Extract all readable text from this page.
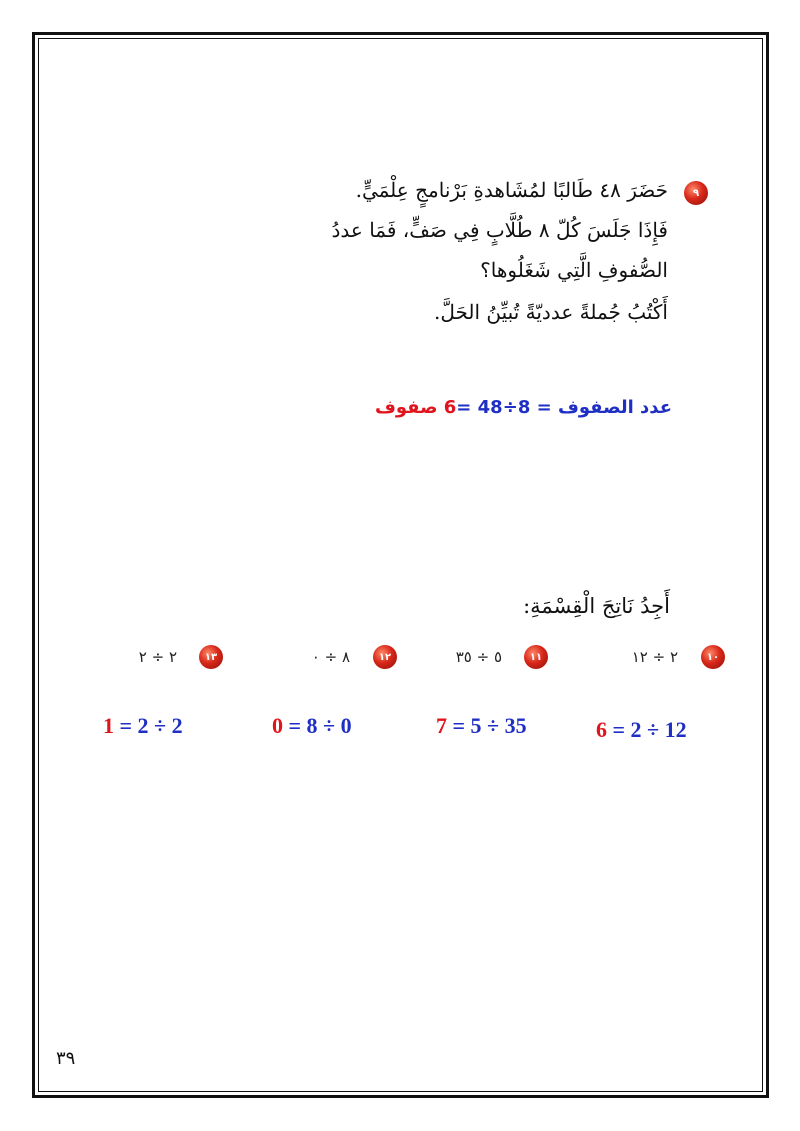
٩
حَضَرَ ٤٨ طَالبًا لمُشَاهدةِ بَرْنامجٍ عِلْمَيٍّ.
فَإِذَا جَلَسَ كُلّ ٨ طُلَّابٍ فِي صَفٍّ، فَمَا عددُ
الصُّفوفِ الَّتِي شَغَلُوها؟
أَكْتُبُ جُملةً عدديّةً تُبيِّنُ الحَلَّ.
عدد الصفوف = 8÷48 =6 صفوف
أَجِدُ نَاتِجَ الْقِسْمَةِ:
١٠
٢ ÷ ١٢
١١
٥ ÷ ٣٥
١٢
٨ ÷ ٠
١٣
٢ ÷ ٢
6 = 2 ÷ 12
7 = 5 ÷ 35
0 = 8 ÷ 0
1 = 2 ÷ 2
٣٩
